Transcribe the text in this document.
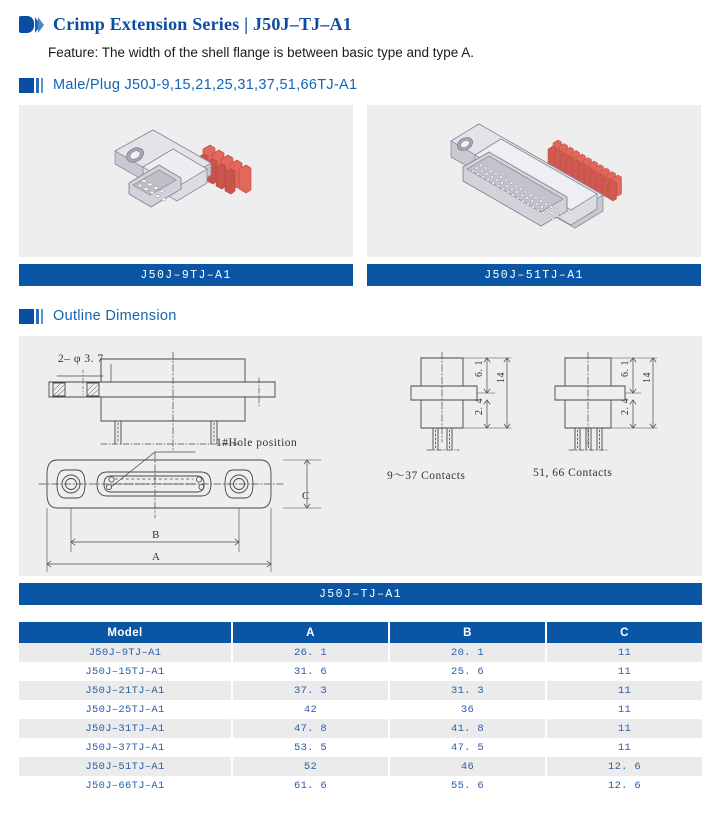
Crimp Extension Series | J50J–TJ–A1
Feature: The width of the shell flange is between basic type and type A.
Male/Plug J50J-9,15,21,25,31,37,51,66TJ-A1
J50J–9TJ–A1	J50J–51TJ–A1
Outline Dimension
2– φ 3. 7
1#Hole position
C
B
A
6. 1
2. 4
14
6. 1
2. 4
14
9～37 Contacts	51, 66 Contacts
J50J–TJ–A1
Model	A	B	C
J50J–9TJ–A1	26. 1	20. 1	11
J50J–15TJ–A1	31. 6	25. 6	11
J50J–21TJ–A1	37. 3	31. 3	11
J50J–25TJ–A1	42	36	11
J50J–31TJ–A1	47. 8	41. 8	11
J50J–37TJ–A1	53. 5	47. 5	11
J50J–51TJ–A1	52	46	12. 6
J50J–66TJ–A1	61. 6	55. 6	12. 6
